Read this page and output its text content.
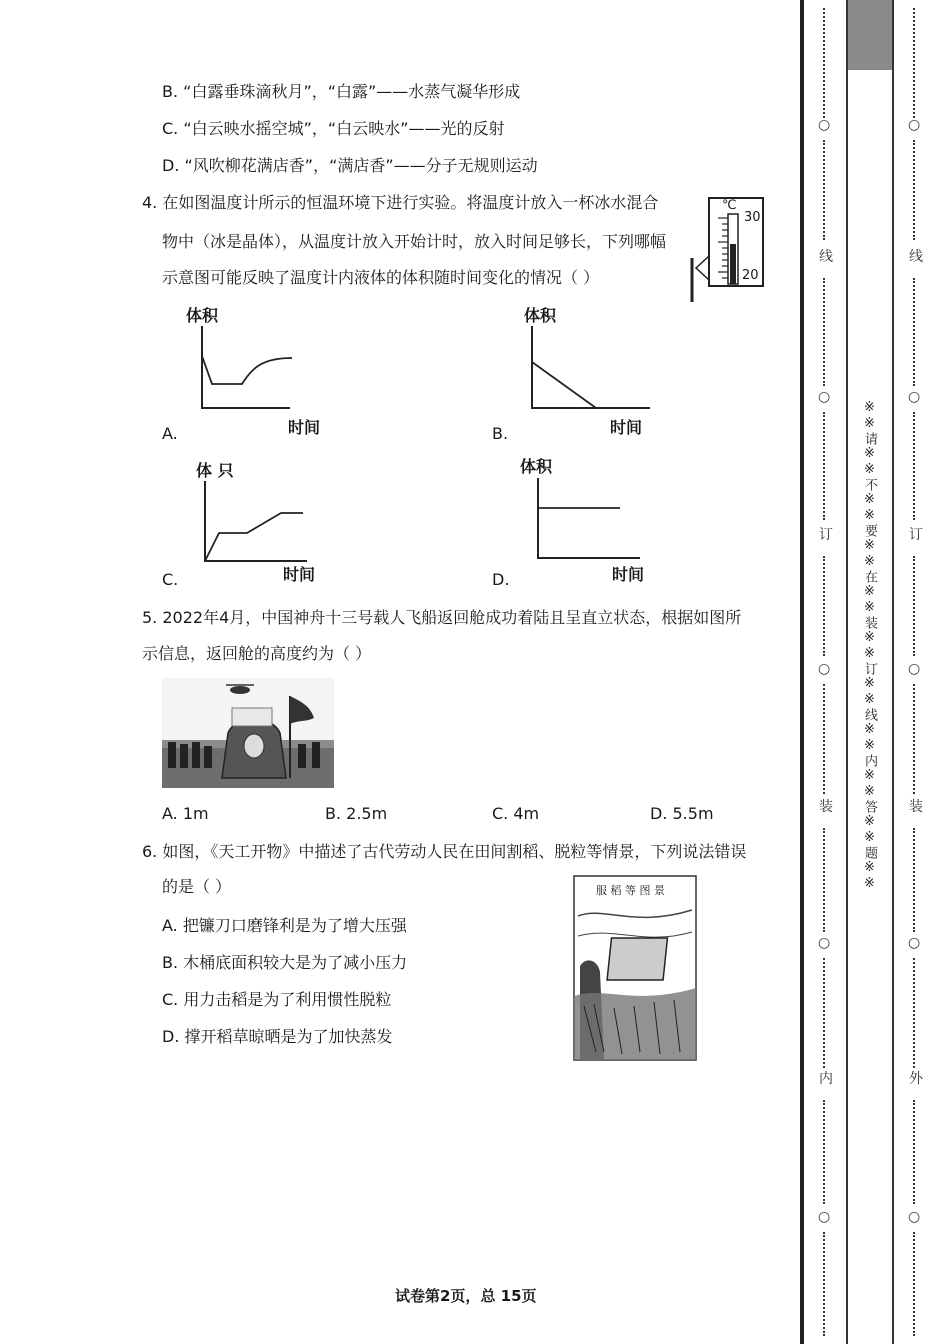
B. “白露垂珠滴秋月”，“白露”——水蒸气凝华形成
C. “白云映水摇空城”，“白云映水”——光的反射
D. “风吹柳花满店香”，“满店香”——分子无规则运动
4. 在如图温度计所示的恒温环境下进行实验。将温度计放入一杯冰水混合
物中（冰是晶体），从温度计放入开始计时，放入时间足够长，下列哪幅
示意图可能反映了温度计内液体的体积随时间变化的情况（ ）
℃
30
20
体积
时间
A.
体积
时间
B.
体 只
时间
C.
体积
时间
D.
5. 2022年4月，中国神舟十三号载人飞船返回舱成功着陆且呈直立状态，根据如图所
示信息，返回舱的高度约为（ ）
A. 1m	B. 2.5m	C. 4m	D. 5.5m
6. 如图，《天工开物》中描述了古代劳动人民在田间割稻、脱粒等情景，下列说法错误
的是（ ）
A. 把镰刀口磨锋利是为了增大压强
B. 木桶底面积较大是为了减小压力
C. 用力击稻是为了利用惯性脱粒
D. 撑开稻草晾晒是为了加快蒸发
服 稻 等 图 景
试卷第2页，总 15页
○
线
○
订
○
装
○
内
○
※※请※※不※※要※※在※※装※※订※※线※※内※※答※※题※※
○
线
○
订
○
装
○
外
○
